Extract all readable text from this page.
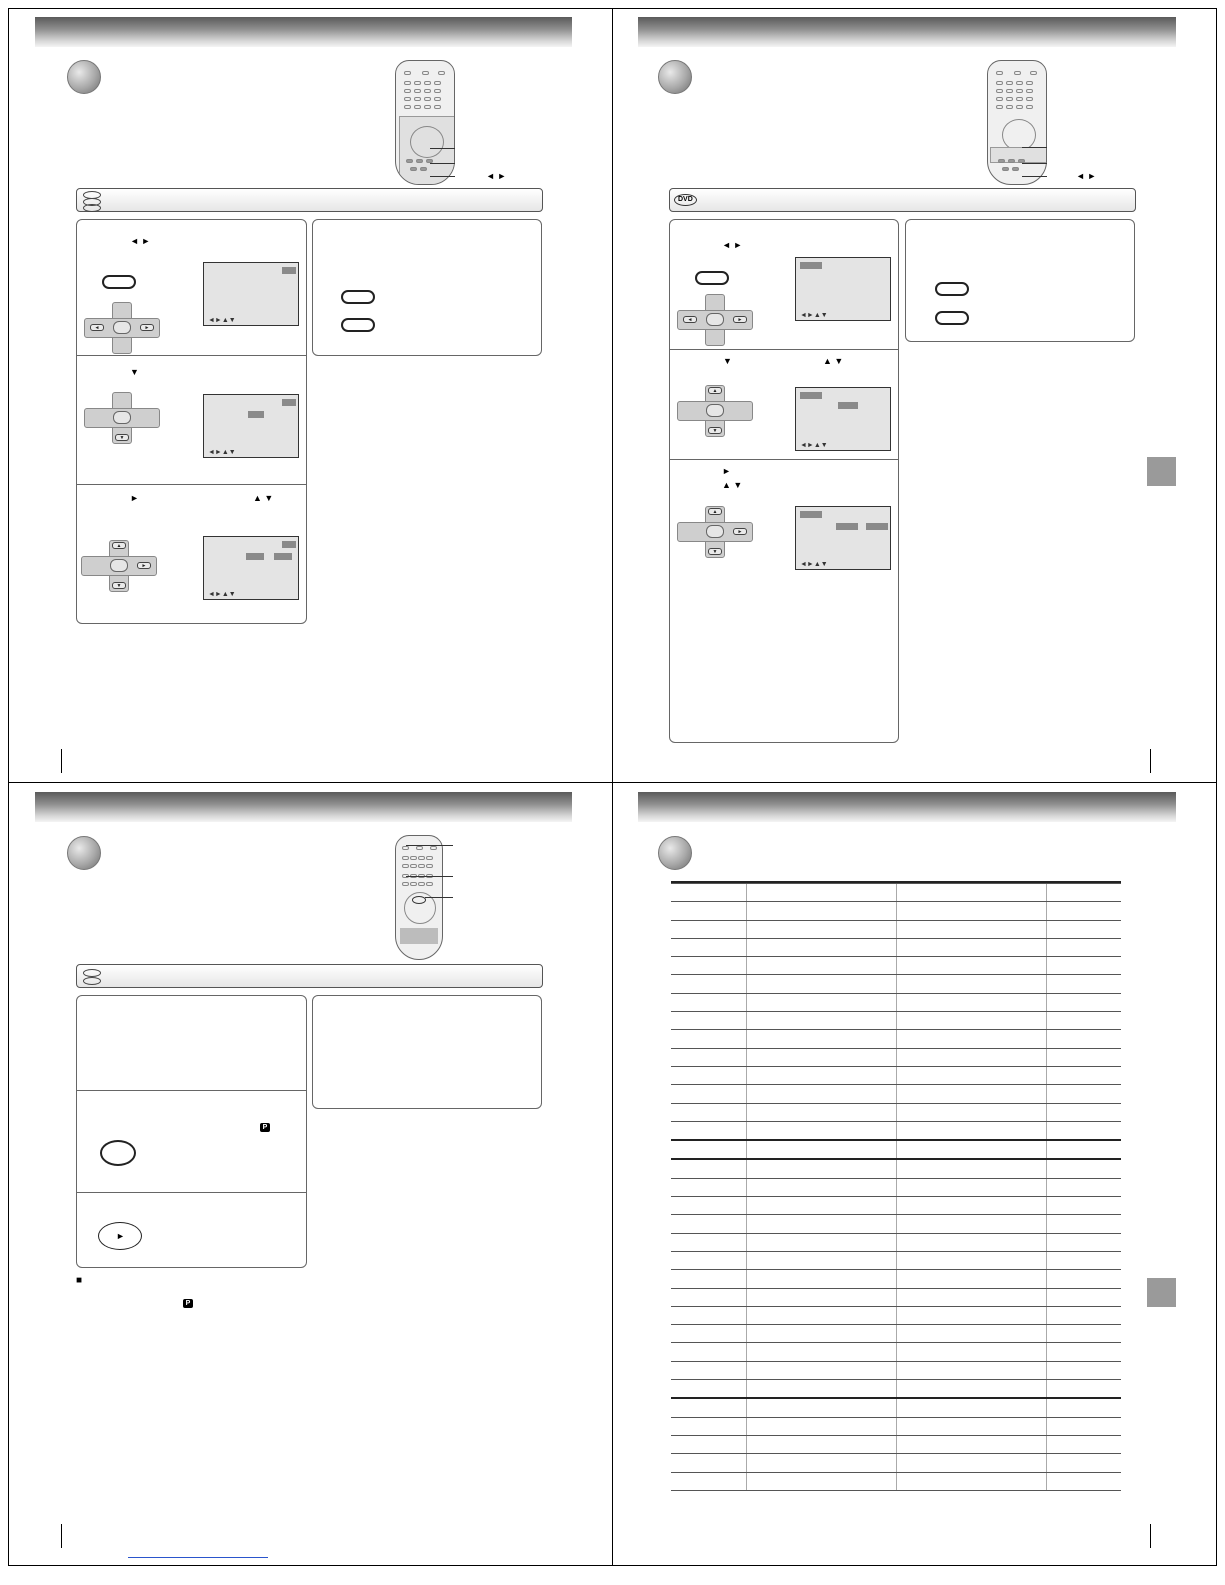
◄ ►
◄ ►
◄	►
◄►▲▼
▼
▼
◄►▲▼
►	▲ ▼
▲
▼
►
◄►▲▼
◄ ►
DVD
◄ ►
◄	►
◄►▲▼
▼	▲ ▼
▲
▼
◄►▲▼
►
▲ ▼
▲
▼
►
◄►▲▼
P
►
■
P
